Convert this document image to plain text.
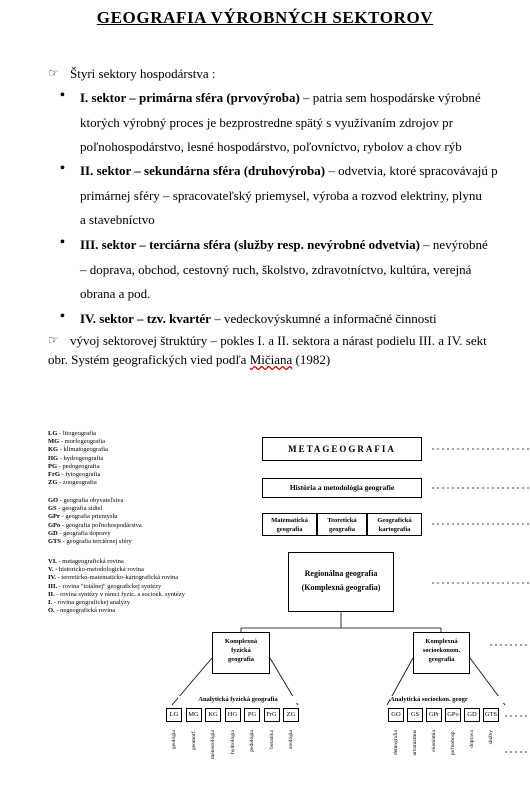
GEOGRAFIA VÝROBNÝCH SEKTOROV
☞ Štyri sektory hospodárstva :
• I. sektor – primárna sféra (prvovýroba) – patria sem hospodárske výrobné
ktorých výrobný proces je bezprostredne spätý s využívaním zdrojov pr
poľnohospodárstvo, lesné hospodárstvo, poľovníctvo, rybolov a chov rýb
• II. sektor – sekundárna sféra (druhovýroba) – odvetvia, ktoré spracovávajú p
primárnej sféry – spracovateľský priemysel, výroba a rozvod elektriny, plynu
a stavebníctvo
• III. sektor – terciárna sféra (služby resp. nevýrobné odvetvia) – nevýrobné
– doprava, obchod, cestovný ruch, školstvo, zdravotníctvo, kultúra, verejná
obrana a pod.
• IV. sektor – tzv. kvartér – vedeckovýskumné a informačné činnosti
☞ vývoj sektorovej štruktúry – pokles I. a II. sektora a nárast podielu III. a IV. sekt
obr. Systém geografických vied podľa Mičiana (1982)
LG - litogeografia
MG - morfogeografia
KG - klimatogeografia
HG - hydrogeografia
PG - pedogeografia
FrG - fytogeografia
ZG - zoogeografia
GO - geografia obyvateľstva
GS - geografia sídiel
GPr - geografia priemyslu
GPo - geografia poľnohospodárstva
GD - geografia dopravy
GTS - geografia terciérnej sféry
VI. - metageografická rovina
V. - historicko-metodologická rovina
IV. - teoreticko-matematicko-kartografická rovina
III. - rovina "totálnej" geografickej syntézy
II. - rovina syntézy v rámci fyzic. a socioek. syntézy
I. - rovina geografickej analýzy
O. - negeografická rovina
METAGEOGRAFIA
História a metodológia geografie
Matematická
geografia
Teoretická
geografia
Geografická
kartografia
Regionálna geografia
(Komplexná geografia)
Komplexná
fyzická
geografia
Komplexná
socioekonom.
geografia
Analytická fyzická geografia	Analytická socioekon. geogr
LG
geológia
MG
geomorf.
KG
meteorológia
HG
hydrológia
PG
pedológia
FrG
botanika
ZG
zoológia
GO
demografia
GS
urbanizmus
GPr
ekonómia
GPo
poľnohosp.
GD
doprava
GTS
služby
